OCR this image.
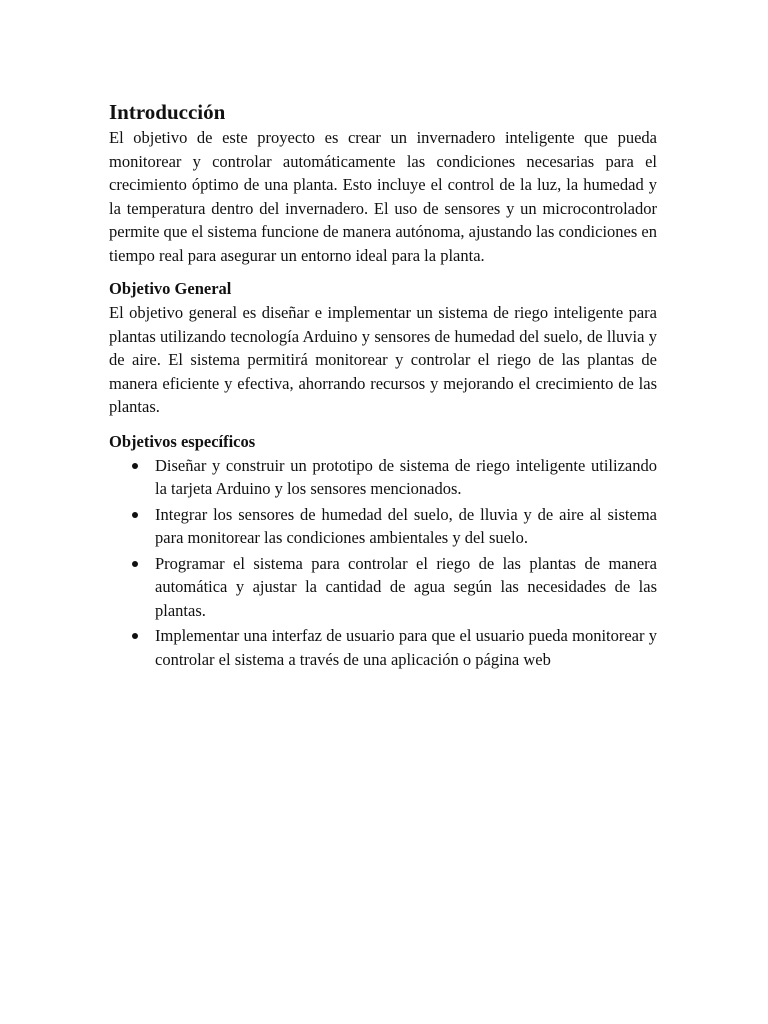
Introducción

El objetivo de este proyecto es crear un invernadero inteligente que pueda monitorear y controlar automáticamente las condiciones necesarias para el crecimiento óptimo de una planta. Esto incluye el control de la luz, la humedad y la temperatura dentro del invernadero. El uso de sensores y un microcontrolador permite que el sistema funcione de manera autónoma, ajustando las condiciones en tiempo real para asegurar un entorno ideal para la planta.

Objetivo General

El objetivo general es diseñar e implementar un sistema de riego inteligente para plantas utilizando tecnología Arduino y sensores de humedad del suelo, de lluvia y de aire. El sistema permitirá monitorear y controlar el riego de las plantas de manera eficiente y efectiva, ahorrando recursos y mejorando el crecimiento de las plantas.

Objetivos específicos
Diseñar y construir un prototipo de sistema de riego inteligente utilizando la tarjeta Arduino y los sensores mencionados.
Integrar los sensores de humedad del suelo, de lluvia y de aire al sistema para monitorear las condiciones ambientales y del suelo.
Programar el sistema para controlar el riego de las plantas de manera automática y ajustar la cantidad de agua según las necesidades de las plantas.
Implementar una interfaz de usuario para que el usuario pueda monitorear y controlar el sistema a través de una aplicación o página web
